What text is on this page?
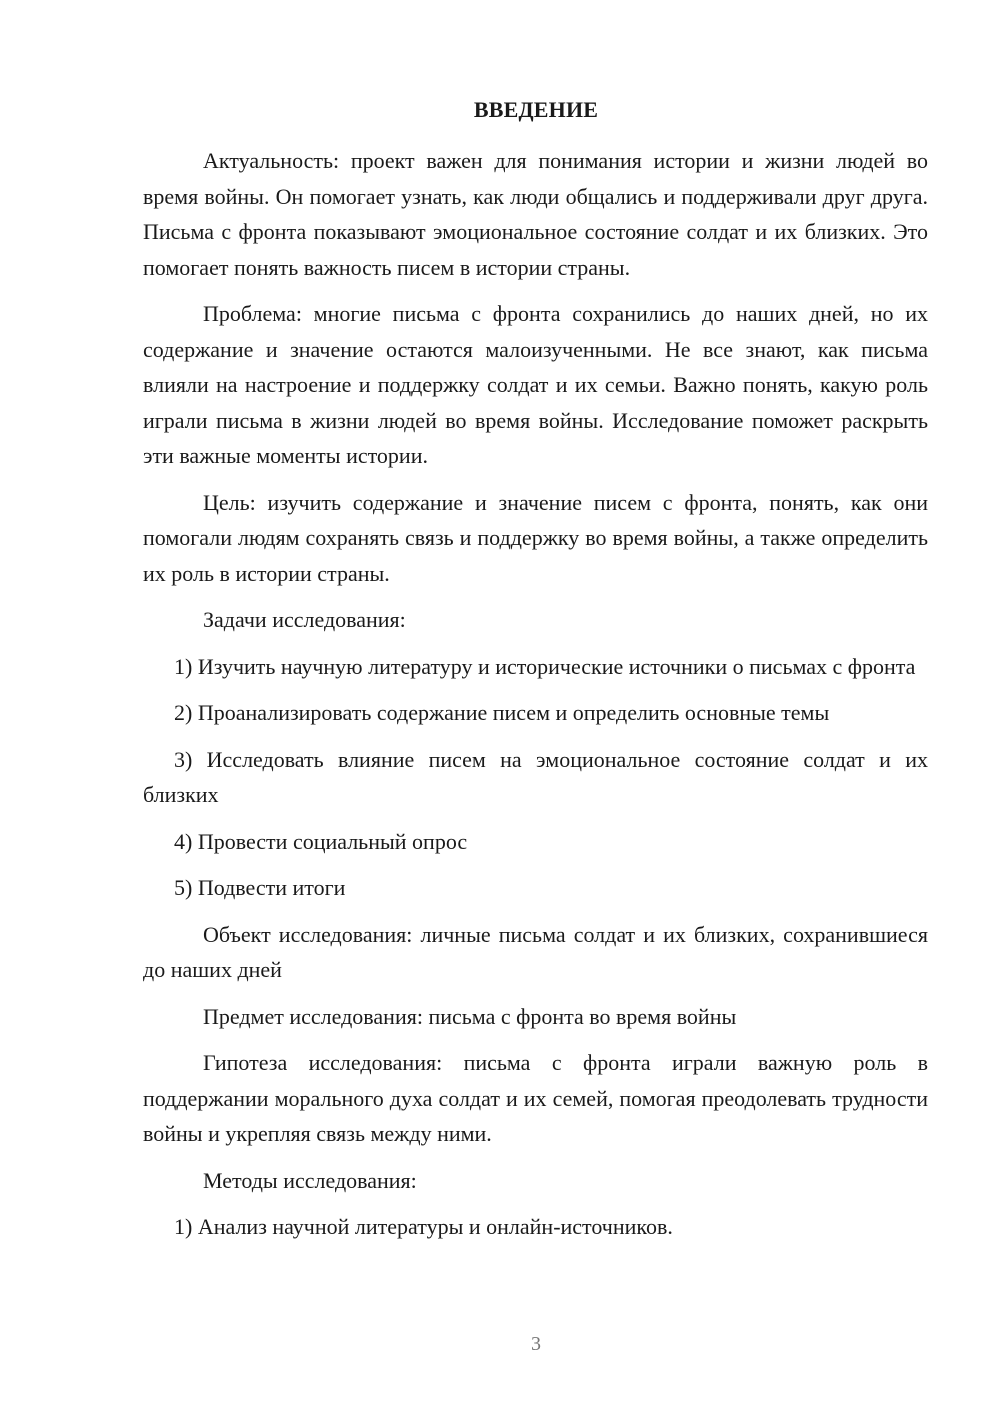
ВВЕДЕНИЕ

Актуальность: проект важен для понимания истории и жизни людей во время войны. Он помогает узнать, как люди общались и поддерживали друг друга. Письма с фронта показывают эмоциональное состояние солдат и их близких. Это помогает понять важность писем в истории страны.

Проблема: многие письма с фронта сохранились до наших дней, но их содержание и значение остаются малоизученными. Не все знают, как письма влияли на настроение и поддержку солдат и их семьи. Важно понять, какую роль играли письма в жизни людей во время войны. Исследование поможет раскрыть эти важные моменты истории.

Цель: изучить содержание и значение писем с фронта, понять, как они помогали людям сохранять связь и поддержку во время войны, а также определить их роль в истории страны.

Задачи исследования:

1) Изучить научную литературу и исторические источники о письмах с фронта

2) Проанализировать содержание писем и определить основные темы

3) Исследовать влияние писем на эмоциональное состояние солдат и их близких

4) Провести социальный опрос

5) Подвести итоги

Объект исследования: личные письма солдат и их близких, сохранившиеся до наших дней

Предмет исследования: письма с фронта во время войны

Гипотеза исследования: письма с фронта играли важную роль в поддержании морального духа солдат и их семей, помогая преодолевать трудности войны и укрепляя связь между ними.

Методы исследования:

1) Анализ научной литературы и онлайн-источников.

3
